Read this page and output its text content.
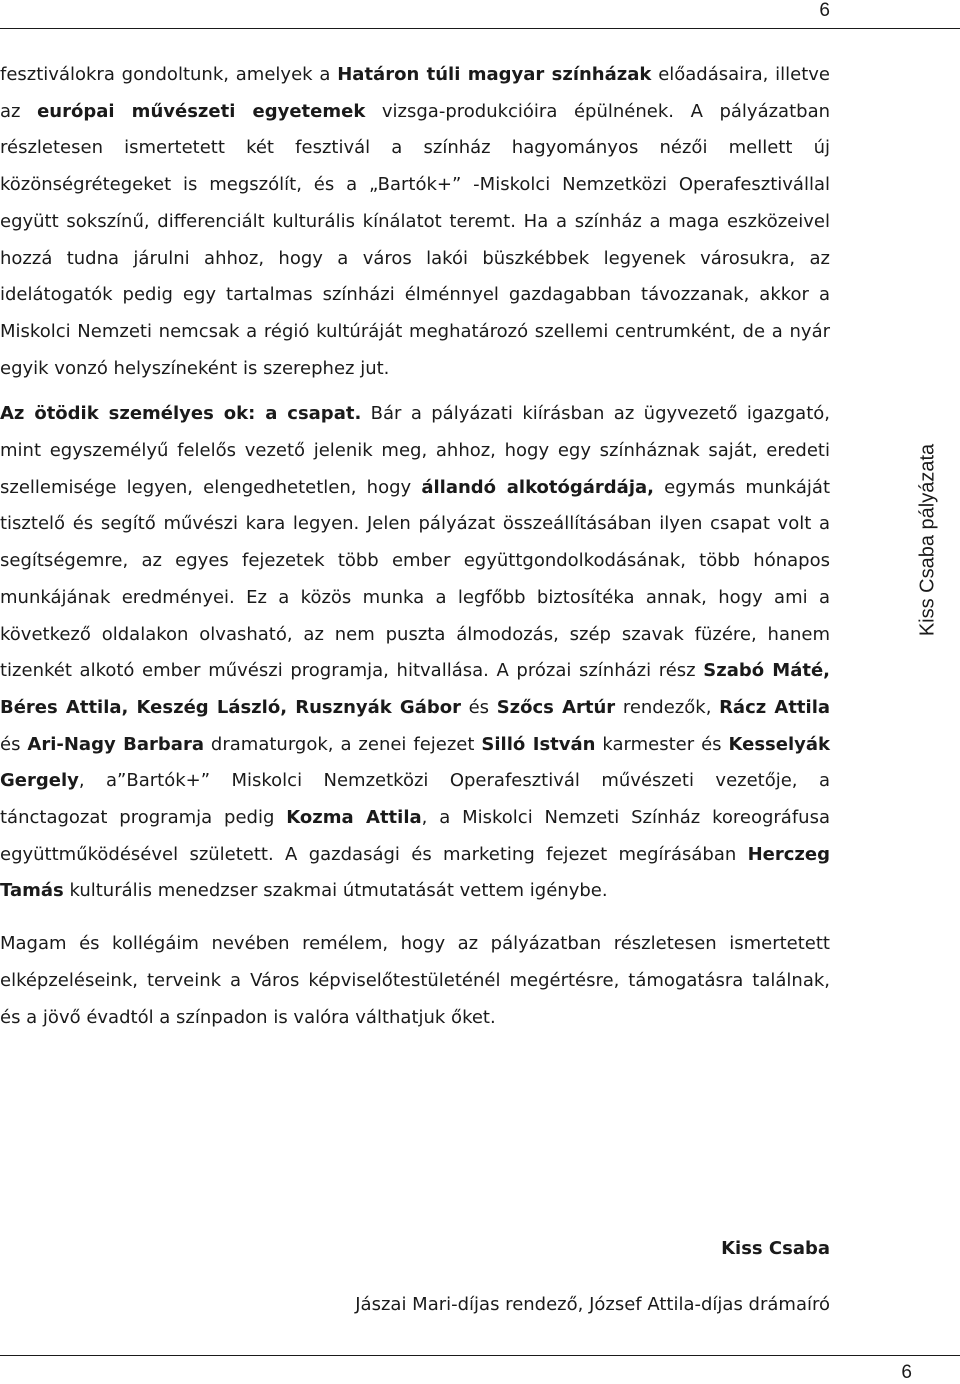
6
Kiss Csaba pályázata

fesztiválokra gondoltunk, amelyek a Határon túli magyar színházak előadásaira, illetve az európai művészeti egyetemek vizsga-produkcióira épülnének. A pályázatban részletesen ismertetett két fesztivál a színház hagyományos nézői mellett új közönségrétegeket is megszólít, és a „Bartók+” -Miskolci Nemzetközi Operafesztivállal együtt sokszínű, differenciált kulturális kínálatot teremt. Ha a színház a maga eszközeivel hozzá tudna járulni ahhoz, hogy a város lakói büszkébbek legyenek városukra, az idelátogatók pedig egy tartalmas színházi élménnyel gazdagabban távozzanak, akkor a Miskolci Nemzeti nemcsak a régió kultúráját meghatározó szellemi centrumként, de a nyár egyik vonzó helyszíneként is szerephez jut.

Az ötödik személyes ok: a csapat. Bár a pályázati kiírásban az ügyvezető igazgató, mint egyszemélyű felelős vezető jelenik meg, ahhoz, hogy egy színháznak saját, eredeti szellemisége legyen, elengedhetetlen, hogy állandó alkotógárdája, egymás munkáját tisztelő és segítő művészi kara legyen. Jelen pályázat összeállításában ilyen csapat volt a segítségemre, az egyes fejezetek több ember együttgondolkodásának, több hónapos munkájának eredményei. Ez a közös munka a legfőbb biztosítéka annak, hogy ami a következő oldalakon olvasható, az nem puszta álmodozás, szép szavak füzére, hanem tizenkét alkotó ember művészi programja, hitvallása. A prózai színházi rész Szabó Máté, Béres Attila, Keszég László, Rusznyák Gábor és Szőcs Artúr rendezők, Rácz Attila és Ari-Nagy Barbara dramaturgok, a zenei fejezet Silló István karmester és Kesselyák Gergely, a”Bartók+” Miskolci Nemzetközi Operafesztivál művészeti vezetője, a tánctagozat programja pedig Kozma Attila, a Miskolci Nemzeti Színház koreográfusa együttműködésével született. A gazdasági és marketing fejezet megírásában Herczeg Tamás kulturális menedzser szakmai útmutatását vettem igénybe.

Magam és kollégáim nevében remélem, hogy az pályázatban részletesen ismertetett elképzeléseink, terveink a Város képviselőtestületénél megértésre, támogatásra találnak, és a jövő évadtól a színpadon is valóra válthatjuk őket.

Kiss Csaba
Jászai Mari-díjas rendező, József Attila-díjas drámaíró
6
